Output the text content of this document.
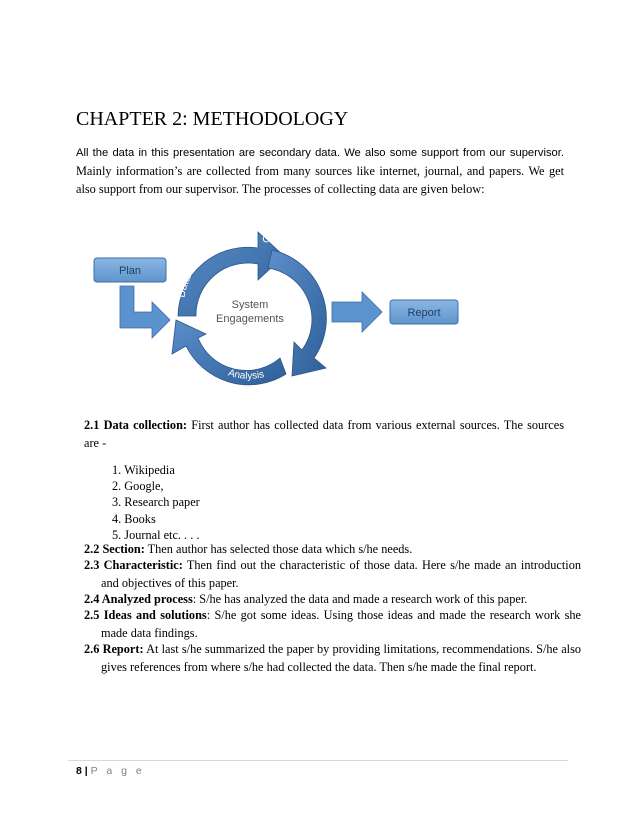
CHAPTER 2: METHODOLOGY

All the data in this presentation are secondary data. We also some support from our supervisor. Mainly information’s are collected from many sources like internet, journal, and papers. We get also support from our supervisor. The processes of collecting data are given below:

Plan
Data Collection	Characterization
Analysis
System
Engagements	Report

2.1 Data collection: First author has collected data from various external sources. The sources are -

1. Wikipedia
2. Google,
3. Research paper
4. Books
5. Journal etc. . . .

2.2 Section: Then author has selected those data which s/he needs.

2.3 Characteristic: Then find out the characteristic of those data. Here s/he made an introduction and objectives of this paper.

2.4 Analyzed process: S/he has analyzed the data and made a research work of this paper.

2.5 Ideas and solutions: S/he got some ideas. Using those ideas and made the research work she made data findings.

2.6 Report: At last s/he summarized the paper by providing limitations, recommendations. S/he also gives references from where s/he had collected the data. Then s/he made the final report.

8 | P a g e
